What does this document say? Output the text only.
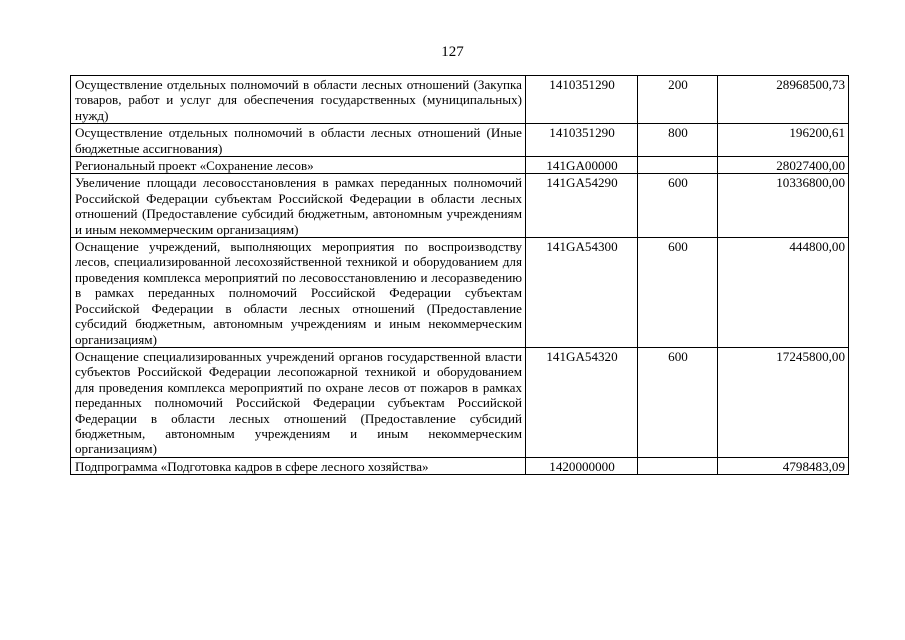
127
Осуществление отдельных полномочий в области лесных отношений (Закупка товаров, работ и услуг для обеспечения государственных (муниципальных) нужд)	1410351290	200	28968500,73
Осуществление отдельных полномочий в области лесных отношений (Иные бюджетные ассигнования)	1410351290	800	196200,61
Региональный проект «Сохранение лесов»	141GA00000		28027400,00
Увеличение площади лесовосстановления в рамках переданных полномочий Российской Федерации субъектам Российской Федерации в области лесных отношений (Предоставление субсидий бюджетным, автономным учреждениям и иным некоммерческим организациям)	141GA54290	600	10336800,00
Оснащение учреждений, выполняющих мероприятия по воспроизводству лесов, специализированной лесохозяйственной техникой и оборудованием для проведения комплекса мероприятий по лесовосстановлению и лесоразведению в рамках переданных полномочий Российской Федерации субъектам Российской Федерации в области лесных отношений (Предоставление субсидий бюджетным, автономным учреждениям и иным некоммерческим организациям)	141GA54300	600	444800,00
Оснащение специализированных учреждений органов государственной власти субъектов Российской Федерации лесопожарной техникой и оборудованием для проведения комплекса мероприятий по охране лесов от пожаров в рамках переданных полномочий Российской Федерации субъектам Российской Федерации в области лесных отношений (Предоставление субсидий бюджетным, автономным учреждениям и иным некоммерческим организациям)	141GA54320	600	17245800,00
Подпрограмма «Подготовка кадров в сфере лесного хозяйства»	1420000000		4798483,09
